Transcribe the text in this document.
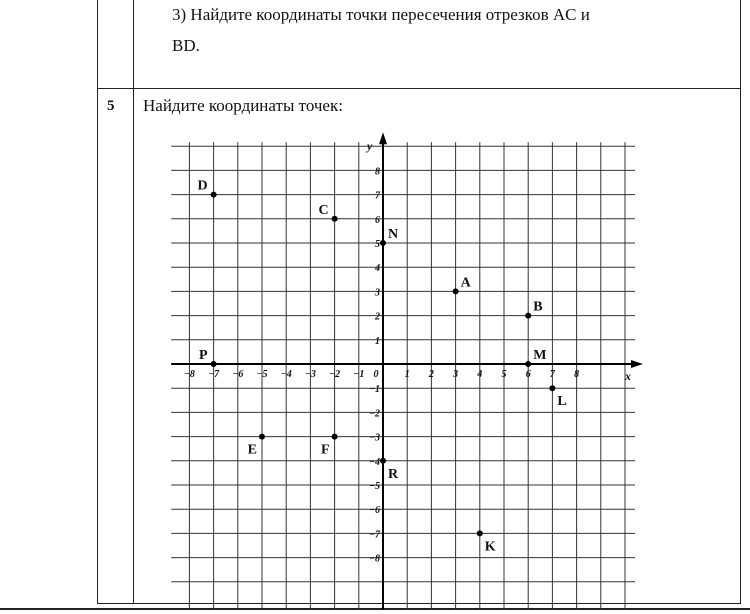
3) Найдите координаты точки пересечения отрезков AC и
BD.
5 Найдите координаты точек:
x
y
−8 −7 −6 −5 −4 −3 −2 −1	1 2 3 4 5 6 7 8
0
8
7
6
5
4
3
2
1
−1
−2
−3
−4
−5
−6
−7
−8
D
C
N
A
B
P	M
L
E	F
R
K
